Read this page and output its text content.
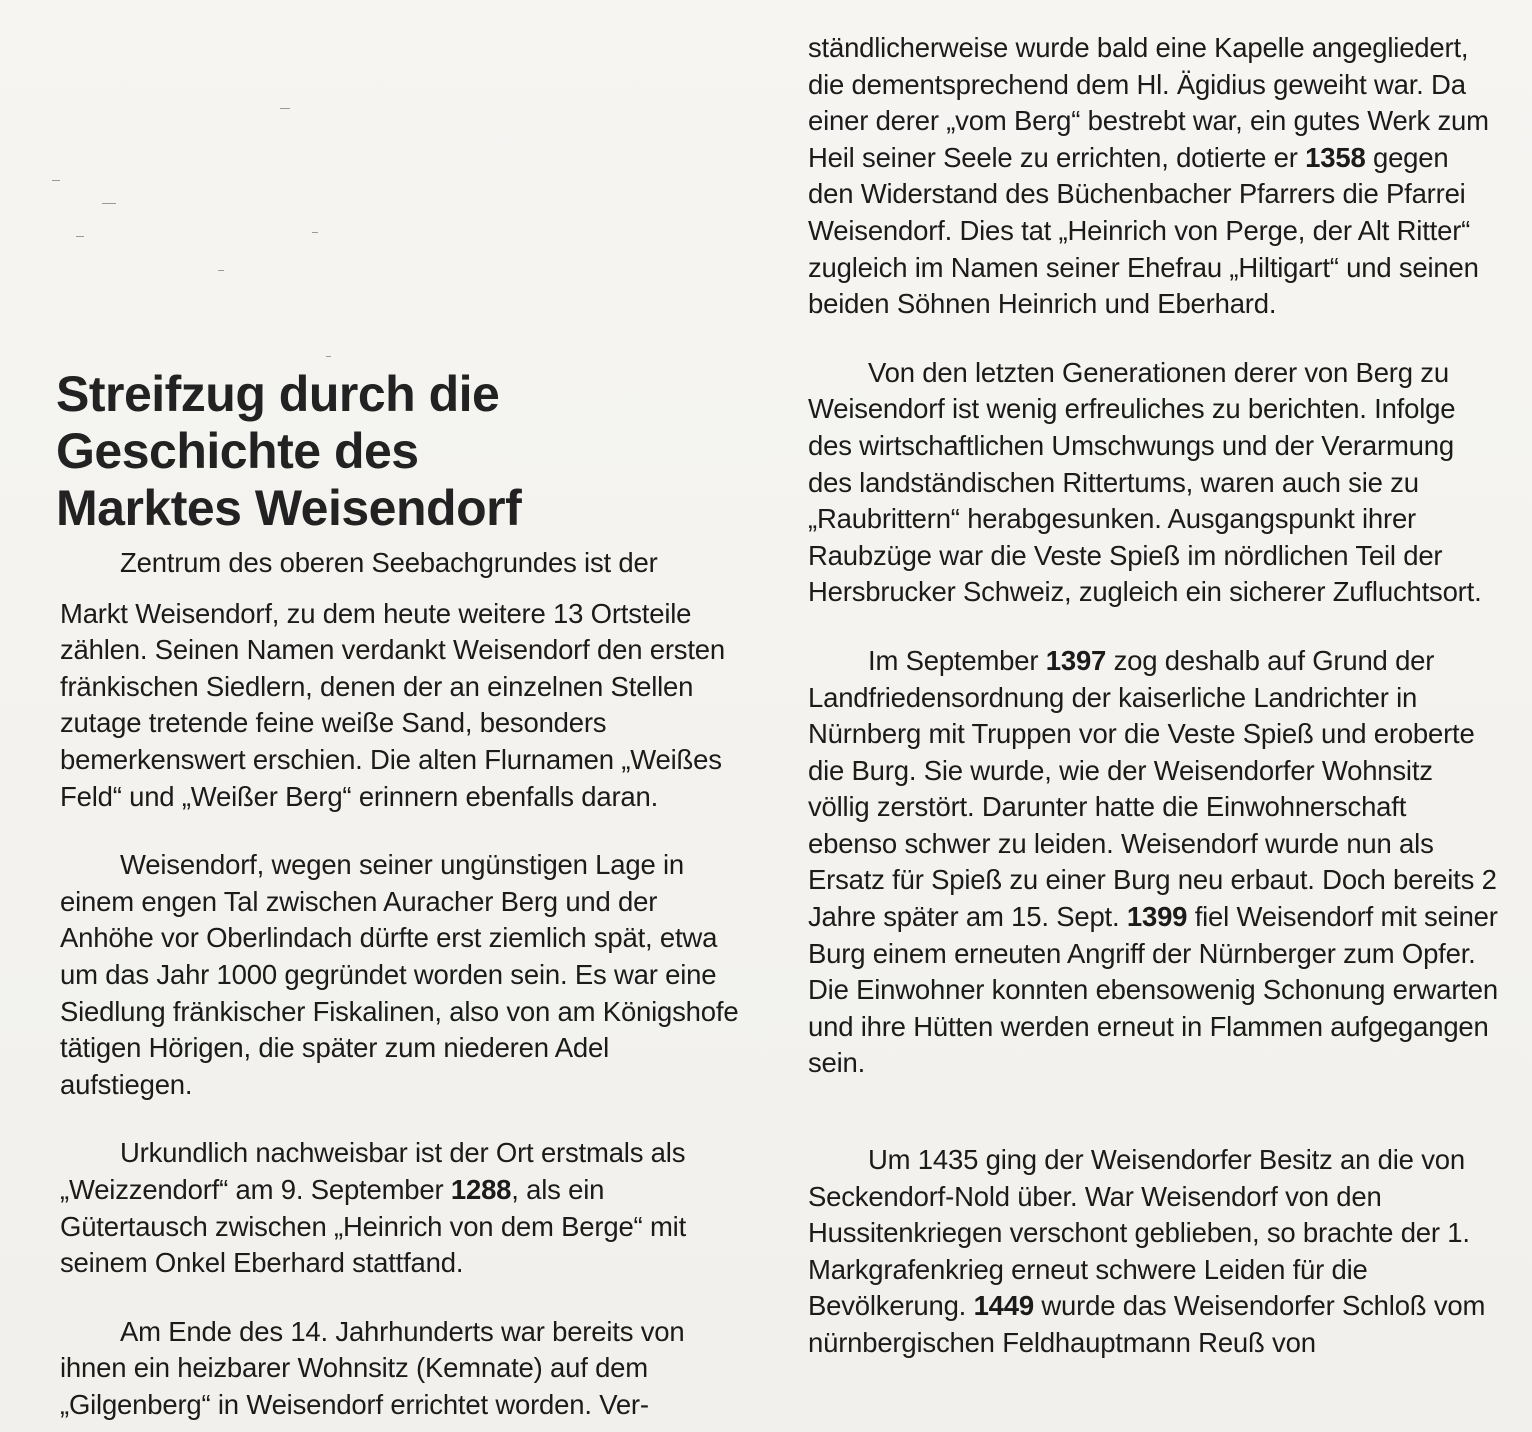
Streifzug durch die
Geschichte des
Marktes Weisendorf

Zentrum des oberen Seebachgrundes ist der

Markt Weisendorf, zu dem heute weitere 13 Ortsteile zählen. Seinen Namen verdankt Weisendorf den ersten fränkischen Siedlern, denen der an einzelnen Stellen zutage tretende feine weiße Sand, besonders bemerkenswert erschien. Die alten Flurnamen „Weißes Feld“ und „Weißer Berg“ erinnern ebenfalls daran.

Weisendorf, wegen seiner ungünstigen Lage in einem engen Tal zwischen Auracher Berg und der Anhöhe vor Oberlindach dürfte erst ziemlich spät, etwa um das Jahr 1000 gegründet worden sein. Es war eine Siedlung fränkischer Fiskalinen, also von am Königshofe tätigen Hörigen, die später zum niederen Adel aufstiegen.

Urkundlich nachweisbar ist der Ort erstmals als „Weizzendorf“ am 9. September 1288, als ein Gütertausch zwischen „Heinrich von dem Berge“ mit seinem Onkel Eberhard stattfand.

Am Ende des 14. Jahrhunderts war bereits von ihnen ein heizbarer Wohnsitz (Kemnate) auf dem „Gilgenberg“ in Weisendorf errichtet worden. Ver-

ständlicherweise wurde bald eine Kapelle angegliedert, die dementsprechend dem Hl. Ägidius geweiht war. Da einer derer „vom Berg“ bestrebt war, ein gutes Werk zum Heil seiner Seele zu errichten, dotierte er 1358 gegen den Widerstand des Büchenbacher Pfarrers die Pfarrei Weisendorf. Dies tat „Heinrich von Perge, der Alt Ritter“ zugleich im Namen seiner Ehefrau „Hiltigart“ und seinen beiden Söhnen Heinrich und Eberhard.

Von den letzten Generationen derer von Berg zu Weisendorf ist wenig erfreuliches zu berichten. Infolge des wirtschaftlichen Umschwungs und der Verarmung des landständischen Rittertums, waren auch sie zu „Raubrittern“ herabgesunken. Ausgangspunkt ihrer Raubzüge war die Veste Spieß im nördlichen Teil der Hersbrucker Schweiz, zugleich ein sicherer Zufluchtsort.

Im September 1397 zog deshalb auf Grund der Landfriedensordnung der kaiserliche Landrichter in Nürnberg mit Truppen vor die Veste Spieß und eroberte die Burg. Sie wurde, wie der Weisendorfer Wohnsitz völlig zerstört. Darunter hatte die Einwohnerschaft ebenso schwer zu leiden. Weisendorf wurde nun als Ersatz für Spieß zu einer Burg neu erbaut. Doch bereits 2 Jahre später am 15. Sept. 1399 fiel Weisendorf mit seiner Burg einem erneuten Angriff der Nürnberger zum Opfer. Die Einwohner konnten ebensowenig Schonung erwarten und ihre Hütten werden erneut in Flammen aufgegangen sein.

Um 1435 ging der Weisendorfer Besitz an die von Seckendorf-Nold über. War Weisendorf von den Hussitenkriegen verschont geblieben, so brachte der 1. Markgrafenkrieg erneut schwere Leiden für die Bevölkerung. 1449 wurde das Weisendorfer Schloß vom nürnbergischen Feldhauptmann Reuß von
